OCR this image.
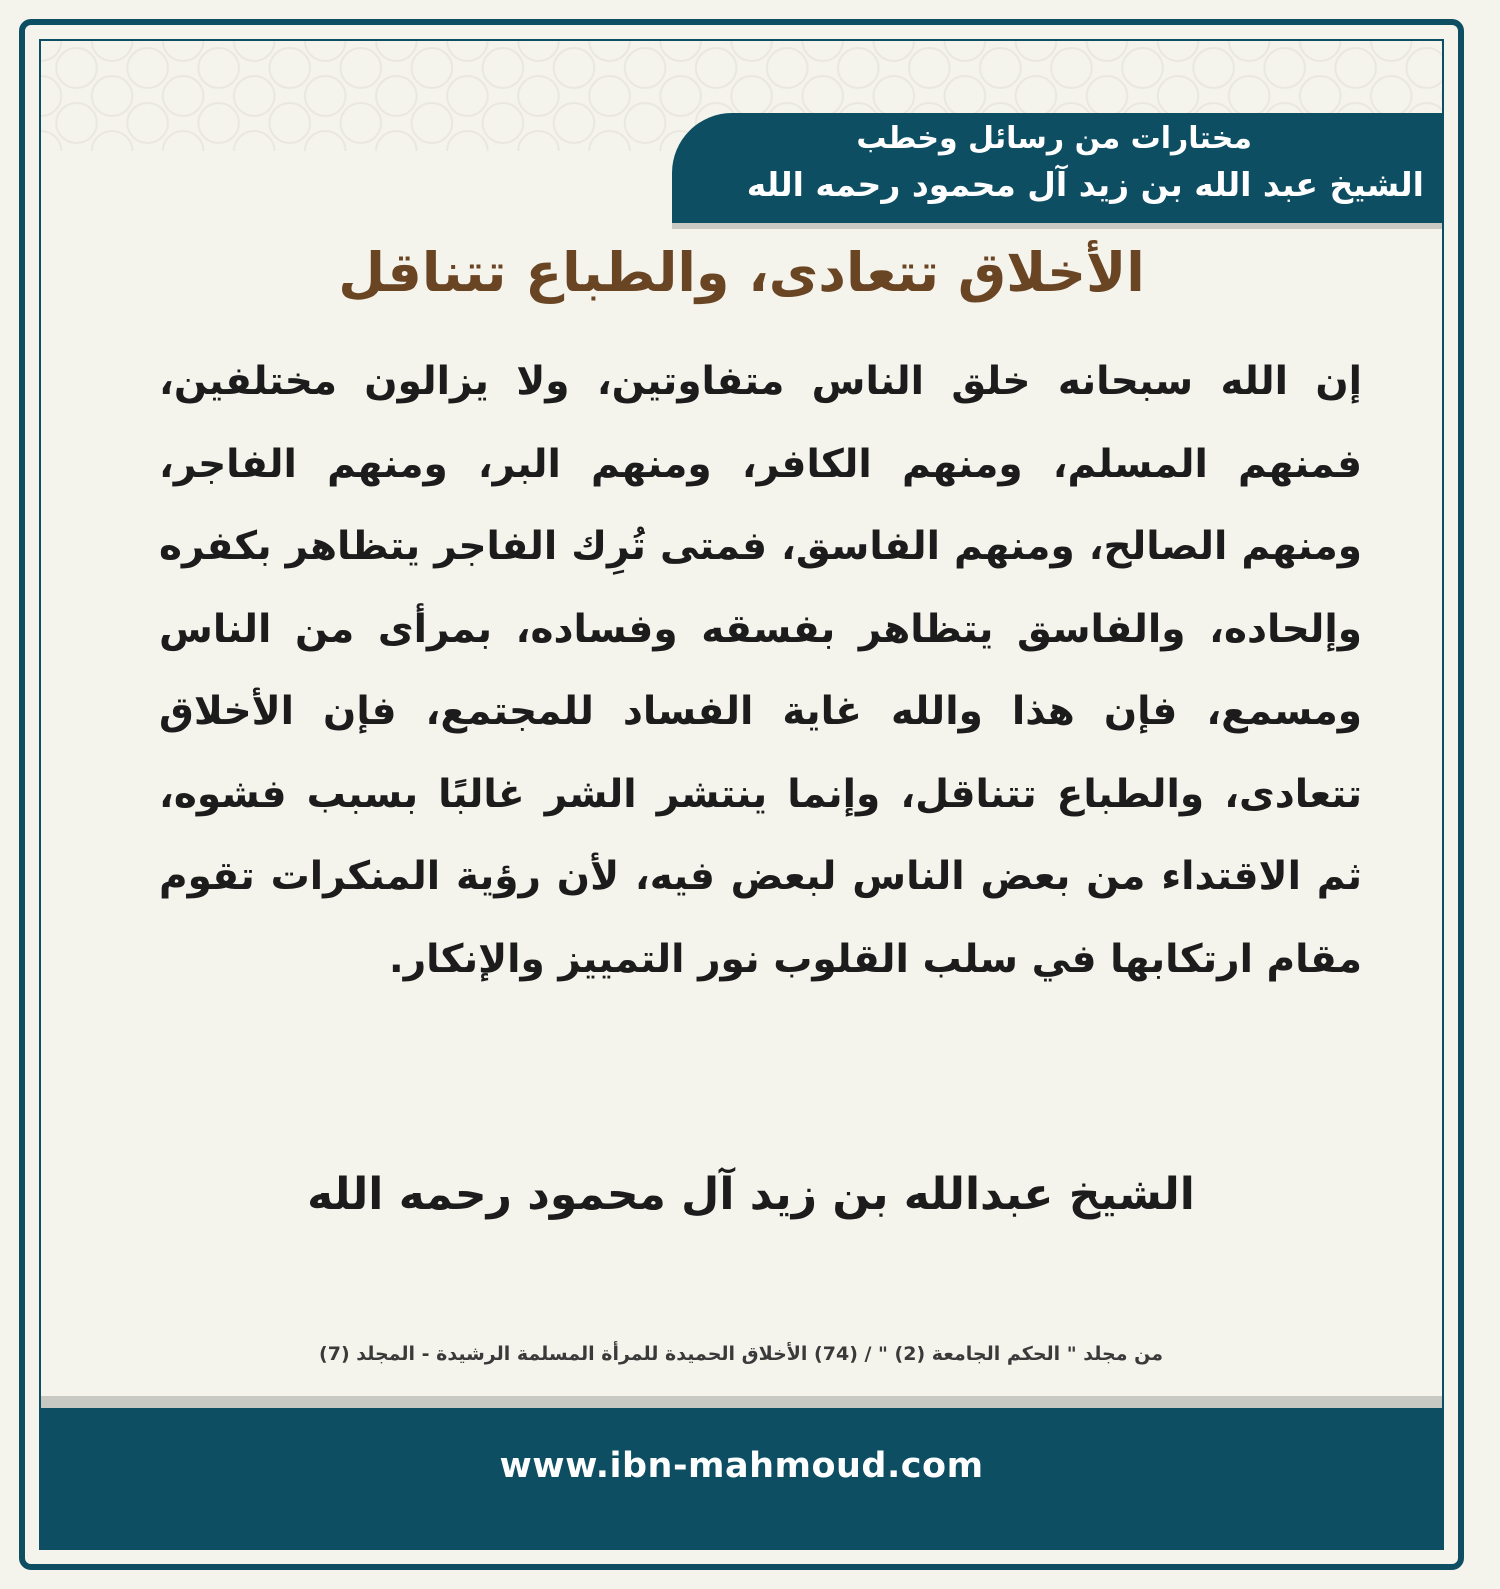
مختارات من رسائل وخطب
الشيخ عبد الله بن زيد آل محمود رحمه الله
الأخلاق تتعادى، والطباع تتناقل
إن الله سبحانه خلق الناس متفاوتين، ولا يزالون مختلفين، فمنهم المسلم، ومنهم الكافر، ومنهم البر، ومنهم الفاجر، ومنهم الصالح، ومنهم الفاسق، فمتى تُرِك الفاجر يتظاهر بكفره وإلحاده، والفاسق يتظاهر بفسقه وفساده، بمرأى من الناس ومسمع، فإن هذا والله غاية الفساد للمجتمع، فإن الأخلاق تتعادى، والطباع تتناقل، وإنما ينتشر الشر غالبًا بسبب فشوه، ثم الاقتداء من بعض الناس لبعض فيه، لأن رؤية المنكرات تقوم مقام ارتكابها في سلب القلوب نور التمييز والإنكار.
الشيخ عبدالله بن زيد آل محمود رحمه الله
من مجلد " الحكم الجامعة (2) " / (74) الأخلاق الحميدة للمرأة المسلمة الرشيدة - المجلد (7)
www.ibn-mahmoud.com
